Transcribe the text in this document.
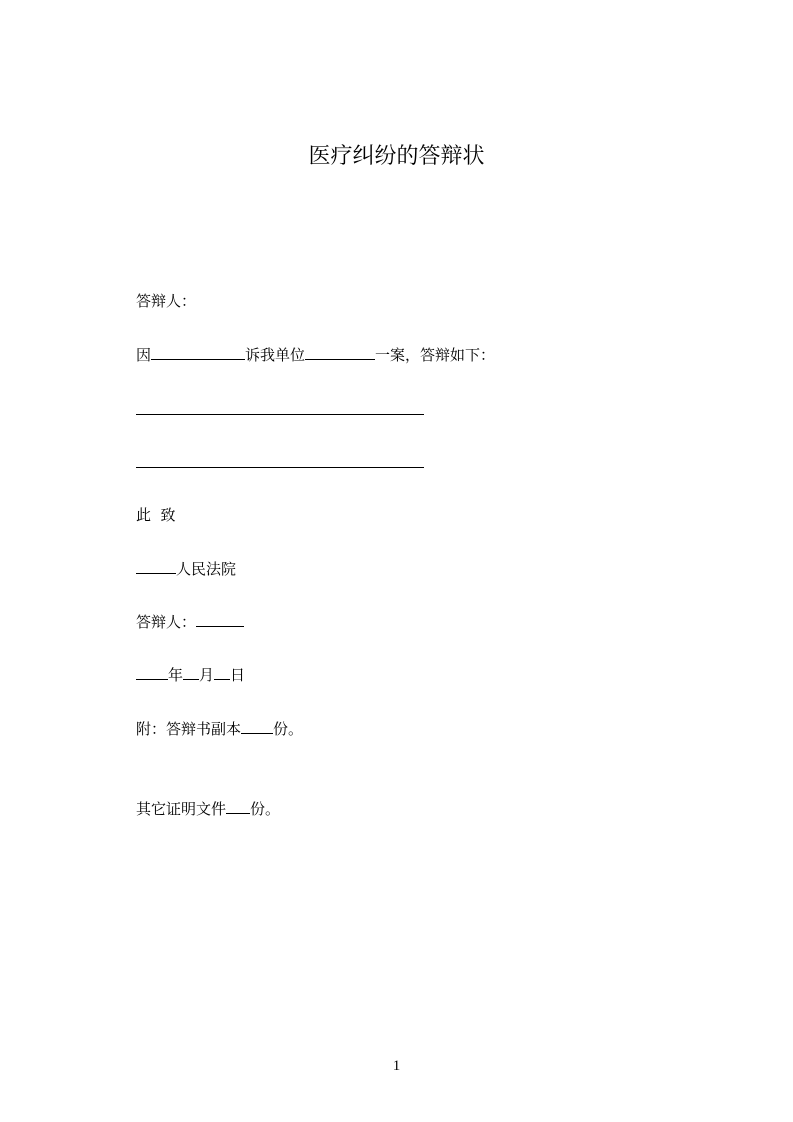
医疗纠纷的答辩状
答辩人：
因	诉我单位	一案，答辩如下：
此  致
人民法院
答辩人：
年 月 日
附：答辩书副本 份。
其它证明文件 份。
1
